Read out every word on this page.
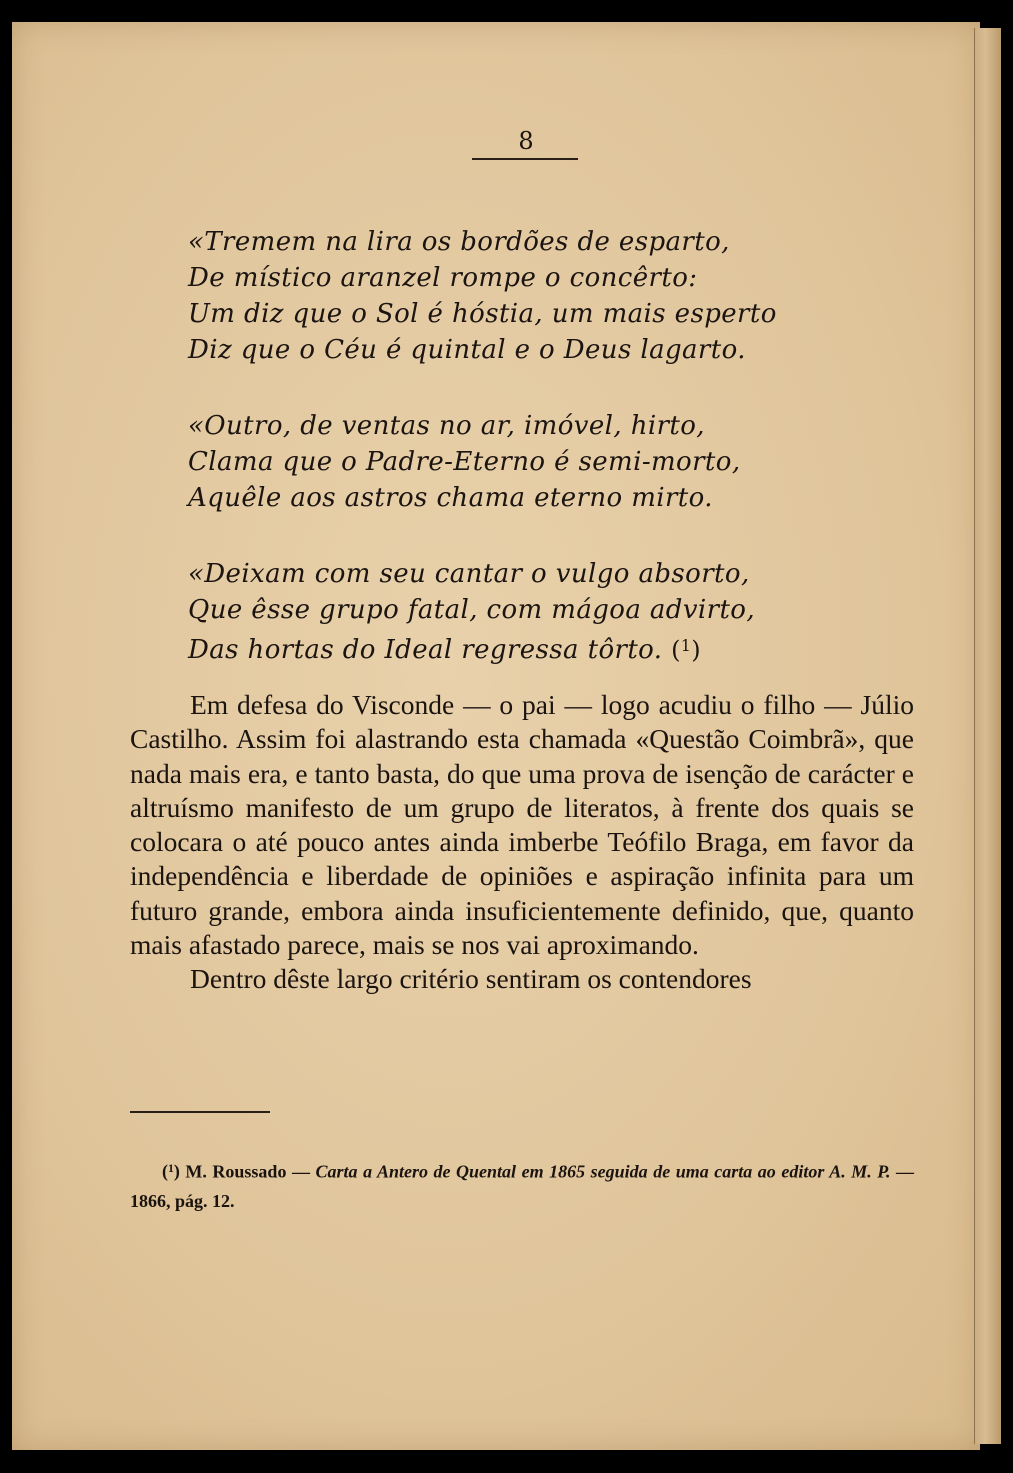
8
«Tremem na lira os bordões de esparto,
De místico aranzel rompe o concêrto:
Um diz que o Sol é hóstia, um mais esperto
Diz que o Céu é quintal e o Deus lagarto.
«Outro, de ventas no ar, imóvel, hirto,
Clama que o Padre-Eterno é semi-morto,
Aquêle aos astros chama eterno mirto.
«Deixam com seu cantar o vulgo absorto,
Que êsse grupo fatal, com mágoa advirto,
Das hortas do Ideal regressa tôrto. ($^1$)

Em defesa do Visconde — o pai — logo acudiu o filho — Júlio Castilho. Assim foi alastrando esta chamada «Questão Coimbrã», que nada mais era, e tanto basta, do que uma prova de isenção de carácter e altruísmo manifesto de um grupo de literatos, à frente dos quais se colocara o até pouco antes ainda imberbe Teófilo Braga, em favor da independência e liberdade de opiniões e aspiração infinita para um futuro grande, embora ainda insuficientemente definido, que, quanto mais afastado parece, mais se nos vai aproximando.

Dentro dêste largo critério sentiram os contendores

($^1$) M. Roussado — Carta a Antero de Quental em 1865 seguida de uma carta ao editor A. M. P. — 1866, pág. 12.
